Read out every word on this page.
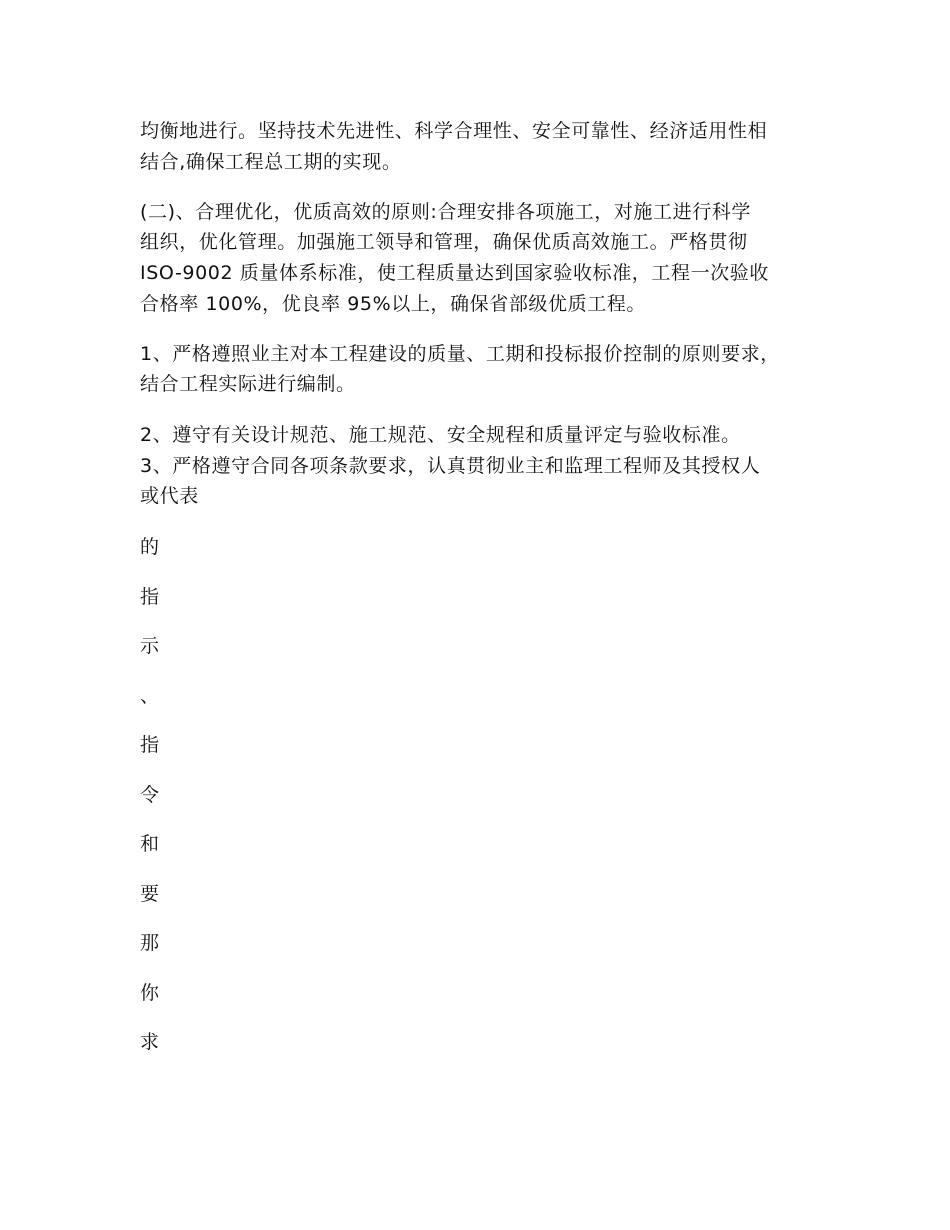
均衡地进行。坚持技术先进性、科学合理性、安全可靠性、经济适用性相
结合,确保工程总工期的实现。
(二)、合理优化，优质高效的原则:合理安排各项施工，对施工进行科学
组织，优化管理。加强施工领导和管理，确保优质高效施工。严格贯彻
ISO-9002 质量体系标准，使工程质量达到国家验收标准，工程一次验收
合格率 100%，优良率 95%以上，确保省部级优质工程。
1、严格遵照业主对本工程建设的质量、工期和投标报价控制的原则要求，
结合工程实际进行编制。
2、遵守有关设计规范、施工规范、安全规程和质量评定与验收标准。
3、严格遵守合同各项条款要求，认真贯彻业主和监理工程师及其授权人
或代表
的
指
示
、
指
令
和
要
那
你
求
